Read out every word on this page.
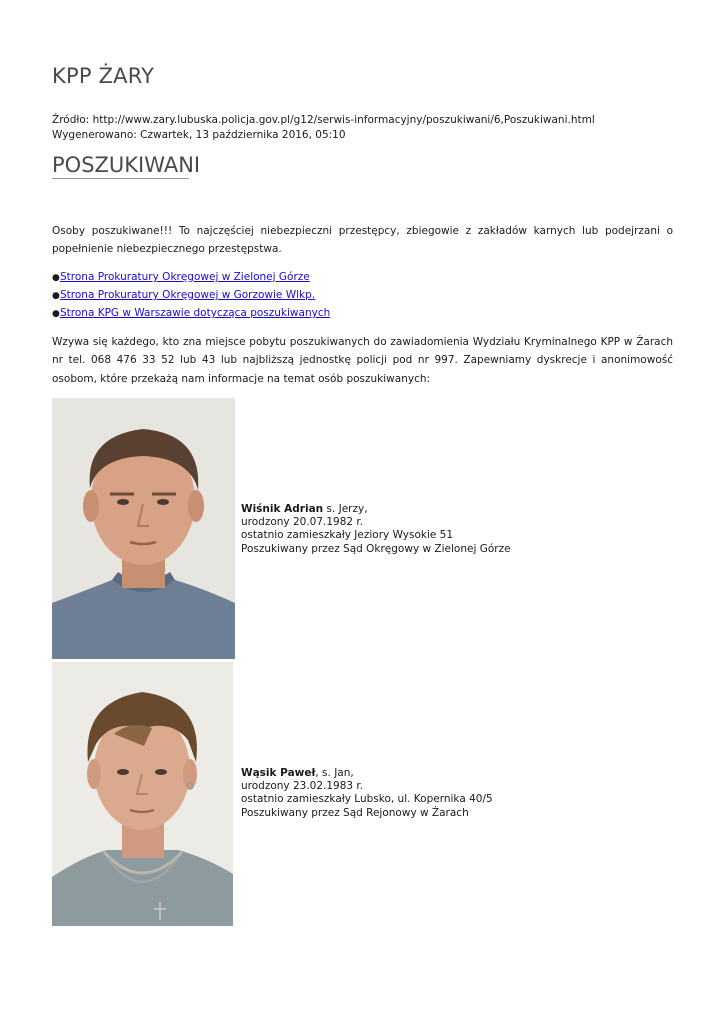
KPP ŻARY
Źródło: http://www.zary.lubuska.policja.gov.pl/g12/serwis-informacyjny/poszukiwani/6,Poszukiwani.html
Wygenerowano: Czwartek, 13 października 2016, 05:10
POSZUKIWANI

Osoby poszukiwane!!! To najczęściej niebezpieczni przestępcy, zbiegowie z zakładów karnych lub podejrzani o popełnienie niebezpiecznego przestępstwa.

●Strona Prokuratury Okręgowej w Zielonej Górze
●Strona Prokuratury Okręgowej w Gorzowie Wlkp.
●Strona KPG w Warszawie dotycząca poszukiwanych

Wzywa się każdego, kto zna miejsce pobytu poszukiwanych do zawiadomienia Wydziału Kryminalnego KPP w Żarach nr tel. 068 476 33 52 lub 43 lub najbliższą jednostkę policji pod nr 997. Zapewniamy dyskrecje i anonimowość osobom, które przekażą nam informacje na temat osób poszukiwanych:

Wiśnik Adrian s. Jerzy,
urodzony 20.07.1982 r.
ostatnio zamieszkały Jeziory Wysokie 51
Poszukiwany przez Sąd Okręgowy w Zielonej Górze
Wąsik Paweł, s. Jan,
urodzony 23.02.1983 r.
ostatnio zamieszkały Lubsko, ul. Kopernika 40/5
Poszukiwany przez Sąd Rejonowy w Żarach
